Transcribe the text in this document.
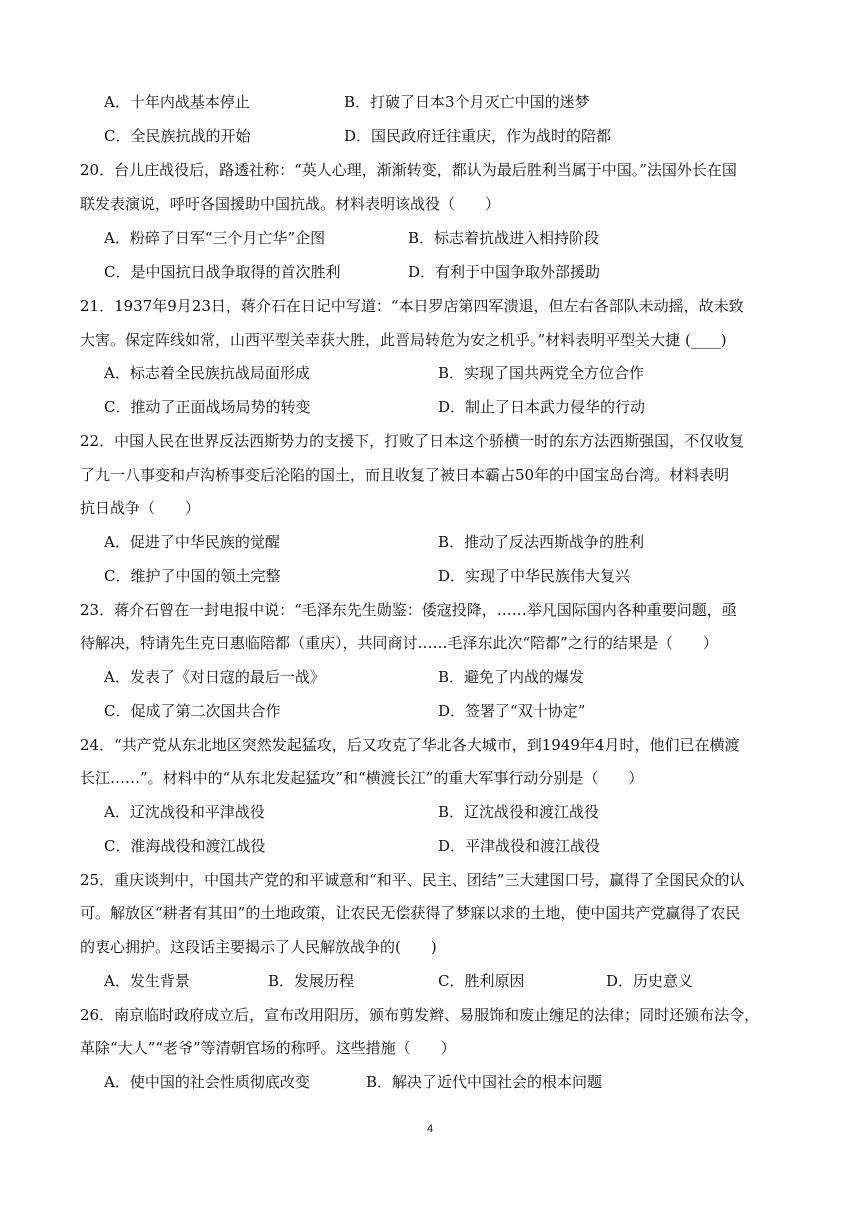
A．十年内战基本停止	B．打破了日本3个月灭亡中国的迷梦
C．全民族抗战的开始	D．国民政府迁往重庆，作为战时的陪都
20．台儿庄战役后，路透社称：“英人心理，渐渐转变，都认为最后胜利当属于中国。”法国外长在国
联发表演说，呼吁各国援助中国抗战。材料表明该战役（　　）
A．粉碎了日军“三个月亡华”企图	B．标志着抗战进入相持阶段
C．是中国抗日战争取得的首次胜利	D．有利于中国争取外部援助
21．1937年9月23日，蒋介石在日记中写道：“本日罗店第四军溃退，但左右各部队未动摇，故未致
大害。保定阵线如常，山西平型关幸获大胜，此晋局转危为安之机乎。”材料表明平型关大捷 (____)
A．标志着全民族抗战局面形成	B．实现了国共两党全方位合作
C．推动了正面战场局势的转变	D．制止了日本武力侵华的行动
22．中国人民在世界反法西斯势力的支援下，打败了日本这个骄横一时的东方法西斯强国，不仅收复
了九一八事变和卢沟桥事变后沦陷的国土，而且收复了被日本霸占50年的中国宝岛台湾。材料表明
抗日战争（　　）
A．促进了中华民族的觉醒	B．推动了反法西斯战争的胜利
C．维护了中国的领土完整	D．实现了中华民族伟大复兴
23．蒋介石曾在一封电报中说：“毛泽东先生勋鉴：倭寇投降，……举凡国际国内各种重要问题，亟
待解决，特请先生克日惠临陪都（重庆），共同商讨……毛泽东此次“陪都”之行的结果是（　　）
A．发表了《对日寇的最后一战》	B．避免了内战的爆发
C．促成了第二次国共合作	D．签署了“双十协定”
24．“共产党从东北地区突然发起猛攻，后又攻克了华北各大城市，到1949年4月时，他们已在横渡
长江……”。材料中的“从东北发起猛攻”和“横渡长江”的重大军事行动分别是（　　）
A．辽沈战役和平津战役	B．辽沈战役和渡江战役
C．淮海战役和渡江战役	D．平津战役和渡江战役
25．重庆谈判中，中国共产党的和平诚意和“和平、民主、团结”三大建国口号，赢得了全国民众的认
可。解放区“耕者有其田”的土地政策，让农民无偿获得了梦寐以求的土地，使中国共产党赢得了农民
的衷心拥护。这段话主要揭示了人民解放战争的(　　)
A．发生背景	B．发展历程	C．胜利原因	D．历史意义
26．南京临时政府成立后，宣布改用阳历，颁布剪发辫、易服饰和废止缠足的法律；同时还颁布法令，
革除“大人”“老爷”等清朝官场的称呼。这些措施（　　）
A．使中国的社会性质彻底改变	B．解决了近代中国社会的根本问题
4
